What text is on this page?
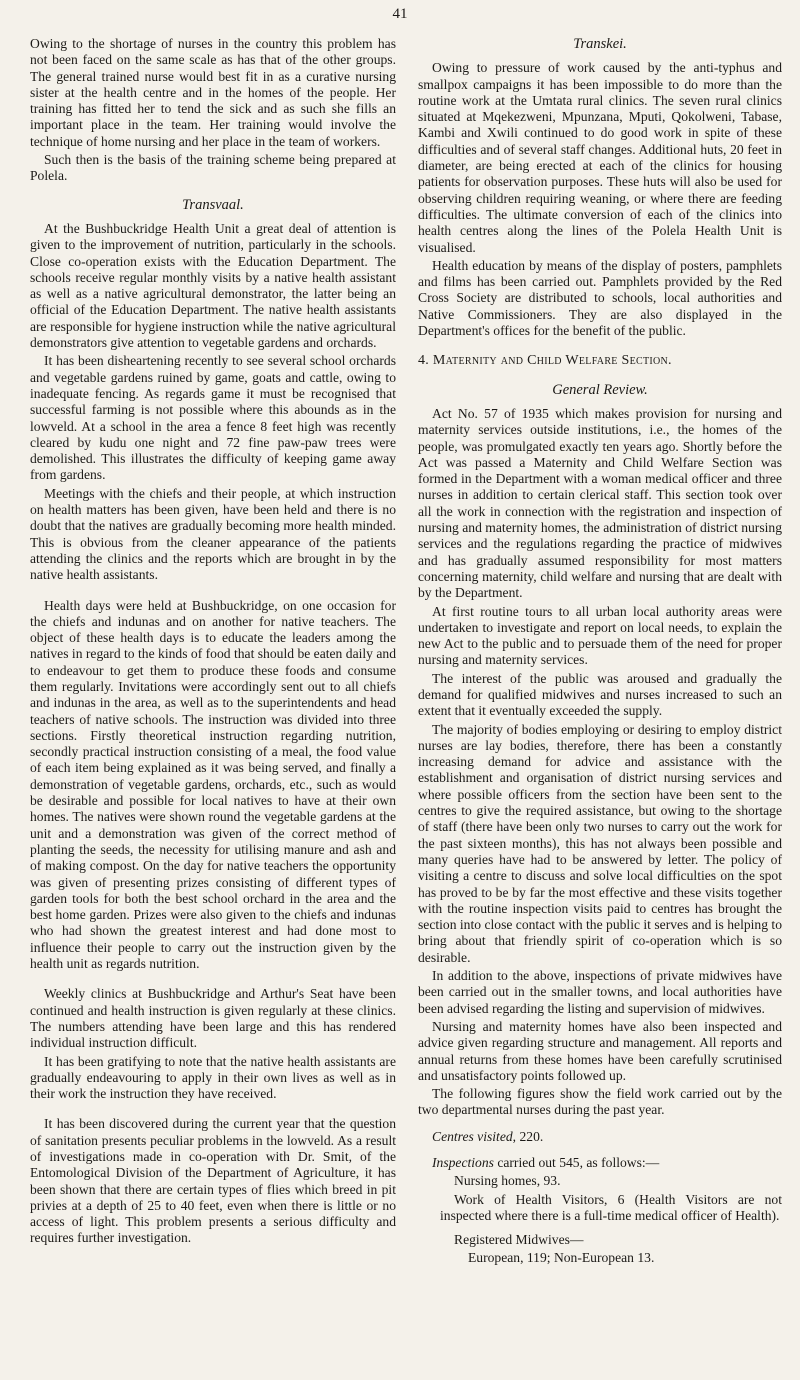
41

Owing to the shortage of nurses in the country this problem has not been faced on the same scale as has that of the other groups. The general trained nurse would best fit in as a curative nursing sister at the health centre and in the homes of the people. Her training has fitted her to tend the sick and as such she fills an important place in the team. Her training would involve the technique of home nursing and her place in the team of workers.

Such then is the basis of the training scheme being prepared at Polela.

Transvaal.

At the Bushbuckridge Health Unit a great deal of attention is given to the improvement of nutrition, particularly in the schools. Close co-operation exists with the Education Department. The schools receive regular monthly visits by a native health assistant as well as a native agricultural demonstrator, the latter being an official of the Education Department. The native health assistants are responsible for hygiene instruction while the native agricultural demonstrators give attention to vegetable gardens and orchards.

It has been disheartening recently to see several school orchards and vegetable gardens ruined by game, goats and cattle, owing to inadequate fencing. As regards game it must be recognised that successful farming is not possible where this abounds as in the lowveld. At a school in the area a fence 8 feet high was recently cleared by kudu one night and 72 fine paw-paw trees were demolished. This illustrates the difficulty of keeping game away from gardens.

Meetings with the chiefs and their people, at which instruction on health matters has been given, have been held and there is no doubt that the natives are gradually becoming more health minded. This is obvious from the cleaner appearance of the patients attending the clinics and the reports which are brought in by the native health assistants.

Health days were held at Bushbuckridge, on one occasion for the chiefs and indunas and on another for native teachers. The object of these health days is to educate the leaders among the natives in regard to the kinds of food that should be eaten daily and to endeavour to get them to produce these foods and consume them regularly. Invitations were accordingly sent out to all chiefs and indunas in the area, as well as to the superintendents and head teachers of native schools. The instruction was divided into three sections. Firstly theoretical instruction regarding nutrition, secondly practical instruction consisting of a meal, the food value of each item being explained as it was being served, and finally a demonstration of vegetable gardens, orchards, etc., such as would be desirable and possible for local natives to have at their own homes. The natives were shown round the vegetable gardens at the unit and a demonstration was given of the correct method of planting the seeds, the necessity for utilising manure and ash and of making compost. On the day for native teachers the opportunity was given of presenting prizes consisting of different types of garden tools for both the best school orchard in the area and the best home garden. Prizes were also given to the chiefs and indunas who had shown the greatest interest and had done most to influence their people to carry out the instruction given by the health unit as regards nutrition.

Weekly clinics at Bushbuckridge and Arthur's Seat have been continued and health instruction is given regularly at these clinics. The numbers attending have been large and this has rendered individual instruction difficult.

It has been gratifying to note that the native health assistants are gradually endeavouring to apply in their own lives as well as in their work the instruction they have received.

It has been discovered during the current year that the question of sanitation presents peculiar problems in the lowveld. As a result of investigations made in co-operation with Dr. Smit, of the Entomological Division of the Department of Agriculture, it has been shown that there are certain types of flies which breed in pit privies at a depth of 25 to 40 feet, even when there is little or no access of light. This problem presents a serious difficulty and requires further investigation.

Transkei.

Owing to pressure of work caused by the anti-typhus and smallpox campaigns it has been impossible to do more than the routine work at the Umtata rural clinics. The seven rural clinics situated at Mqekezweni, Mpunzana, Mputi, Qokolweni, Tabase, Kambi and Xwili continued to do good work in spite of these difficulties and of several staff changes. Additional huts, 20 feet in diameter, are being erected at each of the clinics for housing patients for observation purposes. These huts will also be used for observing children requiring weaning, or where there are feeding difficulties. The ultimate conversion of each of the clinics into health centres along the lines of the Polela Health Unit is visualised.

Health education by means of the display of posters, pamphlets and films has been carried out. Pamphlets provided by the Red Cross Society are distributed to schools, local authorities and Native Commissioners. They are also displayed in the Department's offices for the benefit of the public.

4. Maternity and Child Welfare Section.
General Review.

Act No. 57 of 1935 which makes provision for nursing and maternity services outside institutions, i.e., the homes of the people, was promulgated exactly ten years ago. Shortly before the Act was passed a Maternity and Child Welfare Section was formed in the Department with a woman medical officer and three nurses in addition to certain clerical staff. This section took over all the work in connection with the registration and inspection of nursing and maternity homes, the administration of district nursing services and the regulations regarding the practice of midwives and has gradually assumed responsibility for most matters concerning maternity, child welfare and nursing that are dealt with by the Department.

At first routine tours to all urban local authority areas were undertaken to investigate and report on local needs, to explain the new Act to the public and to persuade them of the need for proper nursing and maternity services.

The interest of the public was aroused and gradually the demand for qualified midwives and nurses increased to such an extent that it eventually exceeded the supply.

The majority of bodies employing or desiring to employ district nurses are lay bodies, therefore, there has been a constantly increasing demand for advice and assistance with the establishment and organisation of district nursing services and where possible officers from the section have been sent to the centres to give the required assistance, but owing to the shortage of staff (there have been only two nurses to carry out the work for the past sixteen months), this has not always been possible and many queries have had to be answered by letter. The policy of visiting a centre to discuss and solve local difficulties on the spot has proved to be by far the most effective and these visits together with the routine inspection visits paid to centres has brought the section into close contact with the public it serves and is helping to bring about that friendly spirit of co-operation which is so desirable.

In addition to the above, inspections of private midwives have been carried out in the smaller towns, and local authorities have been advised regarding the listing and supervision of midwives.

Nursing and maternity homes have also been inspected and advice given regarding structure and management. All reports and annual returns from these homes have been carefully scrutinised and unsatisfactory points followed up.

The following figures show the field work carried out by the two departmental nurses during the past year.

Centres visited, 220.

Inspections carried out 545, as follows:—

Nursing homes, 93.

Work of Health Visitors, 6 (Health Visitors are not inspected where there is a full-time medical officer of Health).

Registered Midwives—

European, 119; Non-European 13.
